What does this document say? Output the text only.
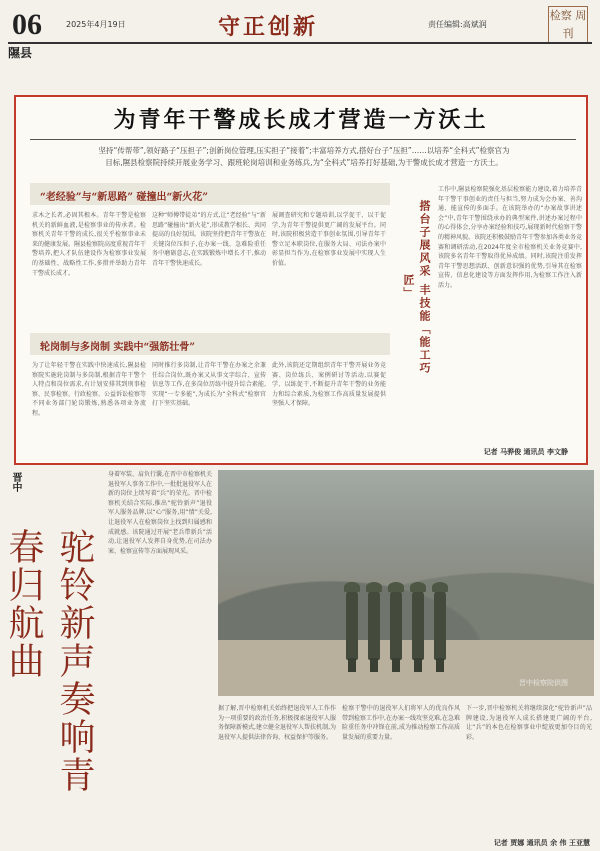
06	2025年4月19日	守正创新	责任编辑:高斌润
检察 周刊
隰县
为青年干警成长成才营造一方沃土
坚持“传帮带”,领好路子“压担子”;创新岗位管理,压实担子“接着”;丰富培养方式,搭好台子“压担”……以培养“全科式”检察官为目标,隰县检察院持续开展业务学习、跟班轮岗培训和业务练兵,为“全科式”培养打好基础,为干警成长成才营造一方沃土。
“老经验”与“新思路” 碰撞出“新火花”
求木之长者,必固其根本。青年干警是检察机关的新鲜血液,是检察事业的传承者。检察机关青年干警的成长,很关乎检察事业未来的健康发展。隰县检察院高度重视青年干警培养,把人才队伍建设作为检察事业发展的基础性、战略性工作,多措并举助力青年干警成长成才。
这种“师傅带徒弟”的方式,让“老经验”与“新思路”碰撞出“新火花”,形成教学相长、共同提高的良好氛围。该院坚持把青年干警放在关键岗位压担子,在办案一线、急难险重任务中磨砺意志,在实践锻炼中增长才干,推动青年干警快速成长。
展调查研究和专题培训,以学促干、以干促学,为青年干警提供更广阔的发展平台。同时,该院积极营造干事创业氛围,引导青年干警立足本职岗位,在服务大局、司法办案中彰显担当作为,在检察事业发展中实现人生价值。
轮岗制与多岗制 实践中“强筋壮骨”
为了让年轻干警在实践中快速成长,隰县检察院实施轮岗制与多岗制,根据青年干警个人特点和岗位需求,有计划安排其到刑事检察、民事检察、行政检察、公益诉讼检察等不同业务部门轮岗锻炼,熟悉各项业务流程。
同时推行多岗制,让青年干警在办案之余兼任综合岗位,既办案又从事文字综合、宣传信息等工作,在多岗位历练中提升综合素能,实现“一专多能”,为成长为“全科式”检察官打下坚实基础。
此外,该院还定期组织青年干警开展业务竞赛、岗位练兵、案例研讨等活动,以赛促学、以练促干,不断提升青年干警的业务能力和综合素质,为检察工作高质量发展提供坚强人才保障。
搭台子展风采 丰技能「能工巧匠」
工作中,隰县检察院强化基层检察能力建设,着力培养青年干警干事创业的责任与担当,努力成为会办案、善沟通、能宣传的多面手。在该院举办的“办案故事讲述会”中,青年干警围绕承办的典型案件,讲述办案过程中的心得体会,分享办案经验和技巧,展现新时代检察干警的精神风貌。该院还积极鼓励青年干警参加各类业务竞赛和调研活动,在2024年度全市检察机关业务竞赛中,该院多名青年干警取得优异成绩。同时,该院注重发挥青年干警思想活跃、创新意识强的优势,引导其在检察宣传、信息化建设等方面发挥作用,为检察工作注入新活力。
记者 马骅俊 通讯员 李文静
晋中
驼铃新声奏响青春归航曲
身着军装、肩负行囊,在晋中市检察机关退役军人事务工作中,一批批退役军人在新的岗位上续写着“兵”的荣光。晋中检察机关结合实际,推出“驼铃新声”退役军人服务品牌,以“心”服务,用“情”关爱,让退役军人在检察岗位上找到归属感和成就感。该院通过开展“老兵带新兵”活动,让退役军人发挥自身优势,在司法办案、检察宣传等方面展现风采。
晋中检察院供图
据了解,晋中检察机关始终把退役军人工作作为一项重要的政治任务,积极探索退役军人服务保障新模式,建立健全退役军人帮扶机制,为退役军人提供法律咨询、权益保护等服务。
检察干警中的退役军人们将军人的优良作风带到检察工作中,在办案一线攻坚克难,在急难险重任务中冲锋在前,成为推动检察工作高质量发展的重要力量。
下一步,晋中检察机关将继续深化“驼铃新声”品牌建设,为退役军人成长搭建更广阔的平台,让“兵”的本色在检察事业中绽放更加夺目的光彩。
记者 贾娜 通讯员 余 伟 王亚慧
